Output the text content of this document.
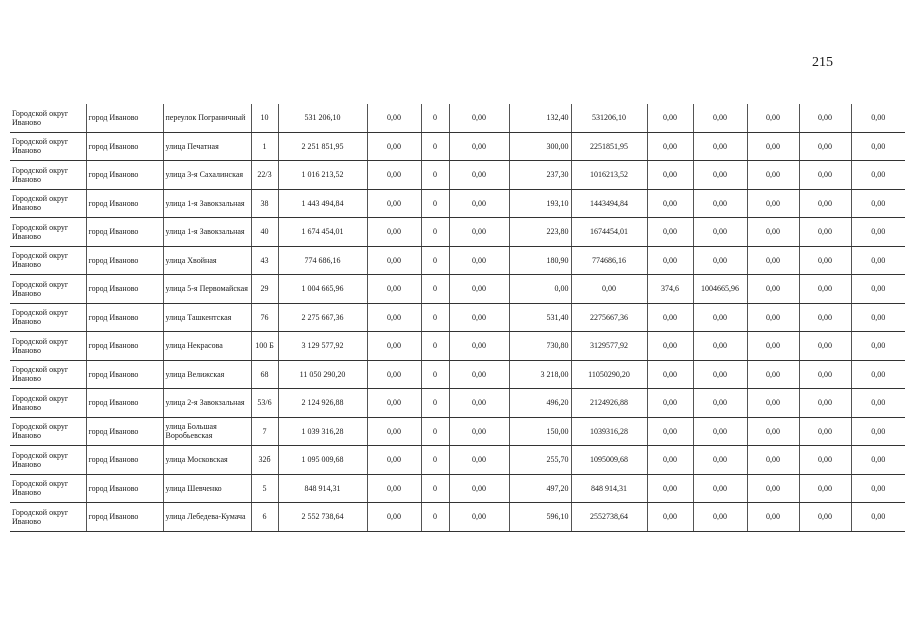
215
Городской округ Иваново	город Иваново	переулок Пограничный	10	531 206,10	0,00	0	0,00	132,40	531206,10	0,00	0,00	0,00	0,00	0,00
Городской округ Иваново	город Иваново	улица Печатная	1	2 251 851,95	0,00	0	0,00	300,00	2251851,95	0,00	0,00	0,00	0,00	0,00
Городской округ Иваново	город Иваново	улица 3-я Сахалинская	22/3	1 016 213,52	0,00	0	0,00	237,30	1016213,52	0,00	0,00	0,00	0,00	0,00
Городской округ Иваново	город Иваново	улица 1-я Завокзальная	38	1 443 494,84	0,00	0	0,00	193,10	1443494,84	0,00	0,00	0,00	0,00	0,00
Городской округ Иваново	город Иваново	улица 1-я Завокзальная	40	1 674 454,01	0,00	0	0,00	223,80	1674454,01	0,00	0,00	0,00	0,00	0,00
Городской округ Иваново	город Иваново	улица Хвойная	43	774 686,16	0,00	0	0,00	180,90	774686,16	0,00	0,00	0,00	0,00	0,00
Городской округ Иваново	город Иваново	улица 5-я Первомайская	29	1 004 665,96	0,00	0	0,00	0,00	0,00	374,6	1004665,96	0,00	0,00	0,00
Городской округ Иваново	город Иваново	улица Ташкентская	76	2 275 667,36	0,00	0	0,00	531,40	2275667,36	0,00	0,00	0,00	0,00	0,00
Городской округ Иваново	город Иваново	улица Некрасова	100 Б	3 129 577,92	0,00	0	0,00	730,80	3129577,92	0,00	0,00	0,00	0,00	0,00
Городской округ Иваново	город Иваново	улица Велижская	68	11 050 290,20	0,00	0	0,00	3 218,00	11050290,20	0,00	0,00	0,00	0,00	0,00
Городской округ Иваново	город Иваново	улица 2-я Завокзальная	53/6	2 124 926,88	0,00	0	0,00	496,20	2124926,88	0,00	0,00	0,00	0,00	0,00
Городской округ Иваново	город Иваново	улица Большая Воробьевская	7	1 039 316,28	0,00	0	0,00	150,00	1039316,28	0,00	0,00	0,00	0,00	0,00
Городской округ Иваново	город Иваново	улица Московская	32б	1 095 009,68	0,00	0	0,00	255,70	1095009,68	0,00	0,00	0,00	0,00	0,00
Городской округ Иваново	город Иваново	улица Шевченко	5	848 914,31	0,00	0	0,00	497,20	848 914,31	0,00	0,00	0,00	0,00	0,00
Городской округ Иваново	город Иваново	улица Лебедева-Кумача	6	2 552 738,64	0,00	0	0,00	596,10	2552738,64	0,00	0,00	0,00	0,00	0,00
